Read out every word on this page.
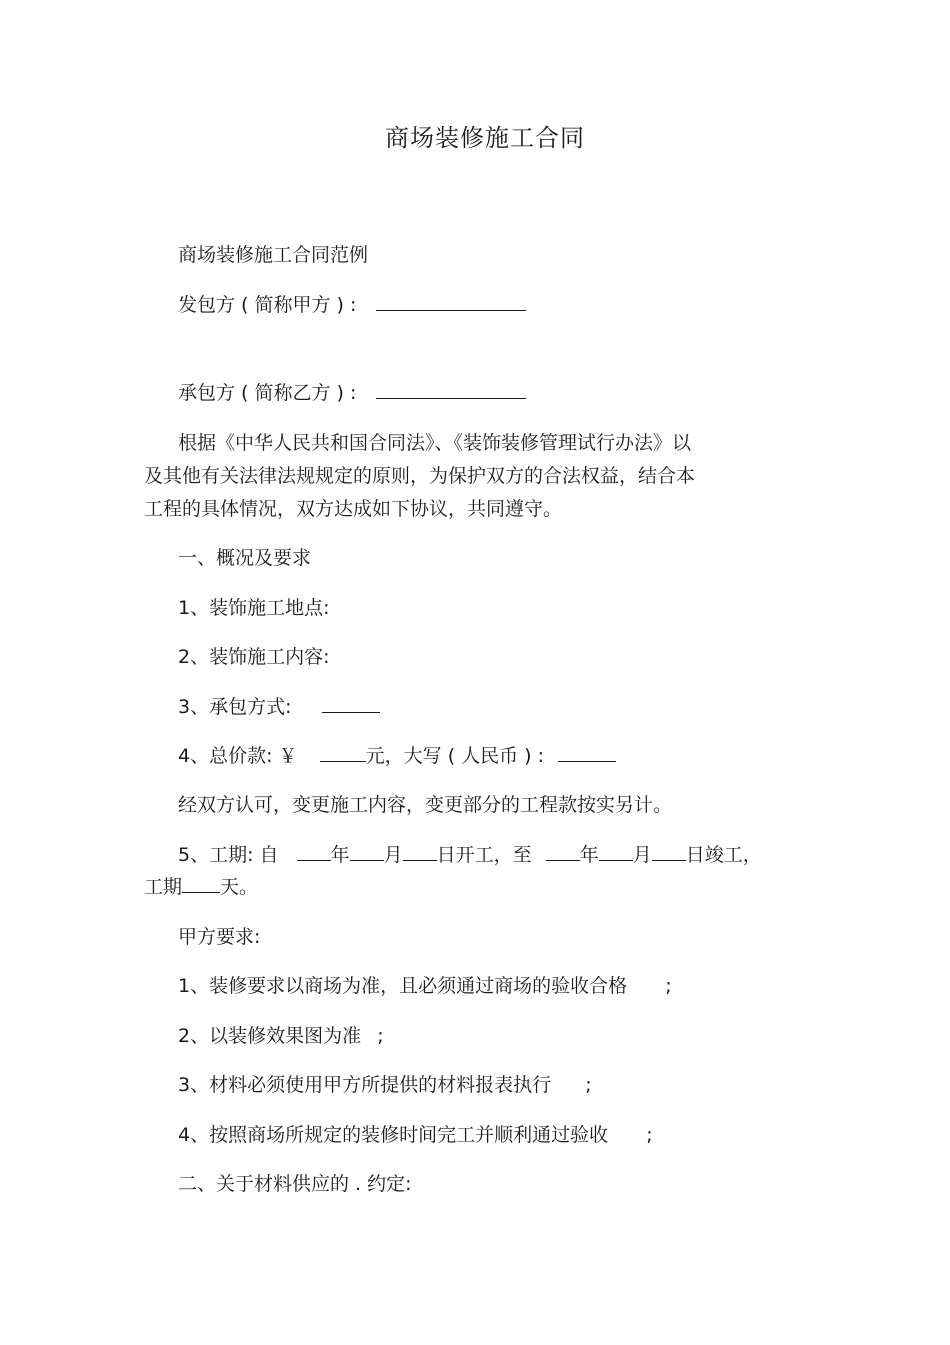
商场装修施工合同
商场装修施工合同范例
发包方 ( 简称甲方 ) :
承包方 ( 简称乙方 ) :
根据《中华人民共和国合同法》、《装饰装修管理试行办法》以
及其他有关法律法规规定的原则，为保护双方的合法权益，结合本
工程的具体情况，双方达成如下协议，共同遵守。
一、概况及要求
1、装饰施工地点:
2、装饰施工内容:
3、承包方式:
4、总价款: ￥	元，大写 ( 人民币 ) :
经双方认可，变更施工内容，变更部分的工程款按实另计。
5、工期: 自	年 月 日开工，至	年 月 日竣工，
工期 天。
甲方要求:
1、装修要求以商场为准，且必须通过商场的验收合格 ;
2、以装修效果图为准 ;
3、材料必须使用甲方所提供的材料报表执行 ;
4、按照商场所规定的装修时间完工并顺利通过验收 ;
二、关于材料供应的 . 约定:
